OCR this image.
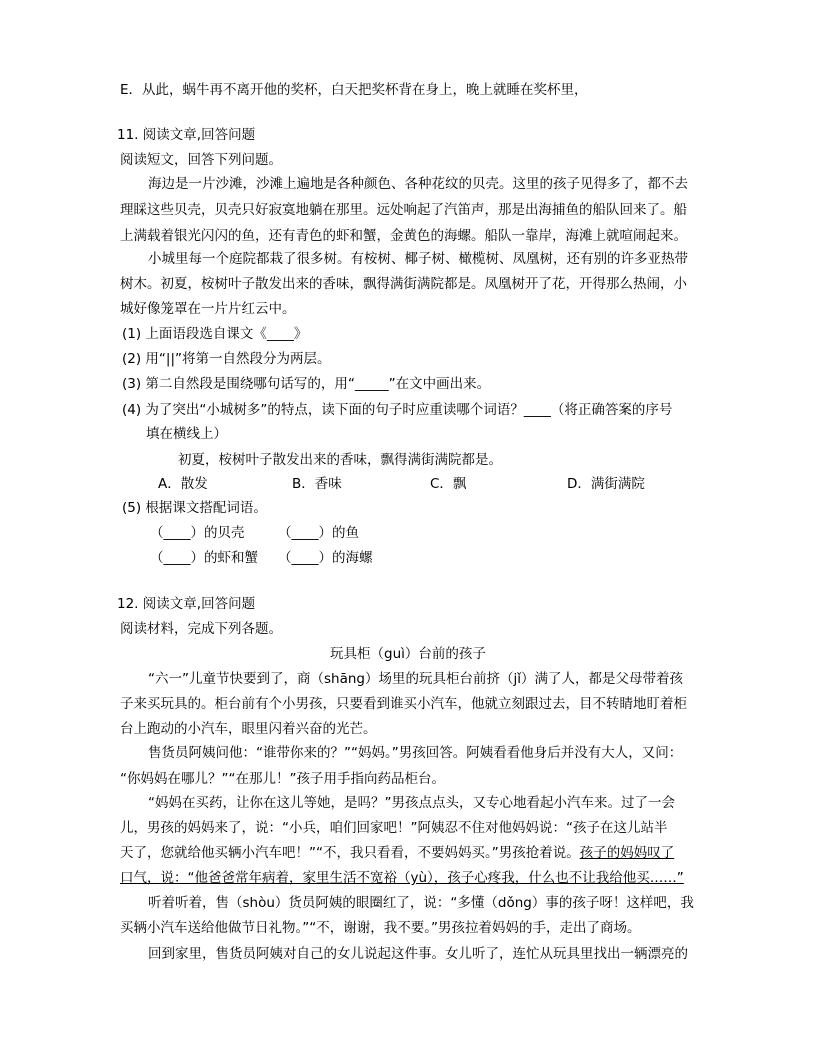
E．从此，蜗牛再不离开他的奖杯，白天把奖杯背在身上，晚上就睡在奖杯里，
11. 阅读文章,回答问题
阅读短文，回答下列问题。
海边是一片沙滩，沙滩上遍地是各种颜色、各种花纹的贝壳。这里的孩子见得多了，都不去
理睬这些贝壳，贝壳只好寂寞地躺在那里。远处响起了汽笛声，那是出海捕鱼的船队回来了。船
上满载着银光闪闪的鱼，还有青色的虾和蟹，金黄色的海螺。船队一靠岸，海滩上就喧闹起来。
小城里每一个庭院都栽了很多树。有桉树、椰子树、橄榄树、凤凰树，还有别的许多亚热带
树木。初夏，桉树叶子散发出来的香味，飘得满街满院都是。凤凰树开了花，开得那么热闹，小
城好像笼罩在一片片红云中。
(1) 上面语段选自课文《____》
(2) 用“||”将第一自然段分为两层。
(3) 第二自然段是围绕哪句话写的，用“_____”在文中画出来。
(4) 为了突出“小城树多”的特点，读下面的句子时应重读哪个词语？____（将正确答案的序号
填在横线上）
初夏，桉树叶子散发出来的香味，飘得满街满院都是。
A．散发	B．香味	C．飘	D．满街满院
(5) 根据课文搭配词语。
（____）的贝壳 （____）的鱼
（____）的虾和蟹 （____）的海螺
12. 阅读文章,回答问题
阅读材料，完成下列各题。
玩具柜（guì）台前的孩子
“六一”儿童节快要到了，商（shāng）场里的玩具柜台前挤（jǐ）满了人，都是父母带着孩
子来买玩具的。柜台前有个小男孩，只要看到谁买小汽车，他就立刻跟过去，目不转睛地盯着柜
台上跑动的小汽车，眼里闪着兴奋的光芒。
售货员阿姨问他：“谁带你来的？”“妈妈。”男孩回答。阿姨看看他身后并没有大人，又问：
“你妈妈在哪儿？”“在那儿！”孩子用手指向药品柜台。
“妈妈在买药，让你在这儿等她，是吗？”男孩点点头，又专心地看起小汽车来。过了一会
儿，男孩的妈妈来了，说：“小兵，咱们回家吧！”阿姨忍不住对他妈妈说：“孩子在这儿站半
天了，您就给他买辆小汽车吧！”“不，我只看看，不要妈妈买。”男孩抢着说。孩子的妈妈叹了
口气，说：“他爸爸常年病着，家里生活不宽裕（yù），孩子心疼我，什么也不让我给他买……”
听着听着，售（shòu）货员阿姨的眼圈红了，说：“多懂（dǒng）事的孩子呀！这样吧，我
买辆小汽车送给他做节日礼物。”“不，谢谢，我不要。”男孩拉着妈妈的手，走出了商场。
回到家里，售货员阿姨对自己的女儿说起这件事。女儿听了，连忙从玩具里找出一辆漂亮的
